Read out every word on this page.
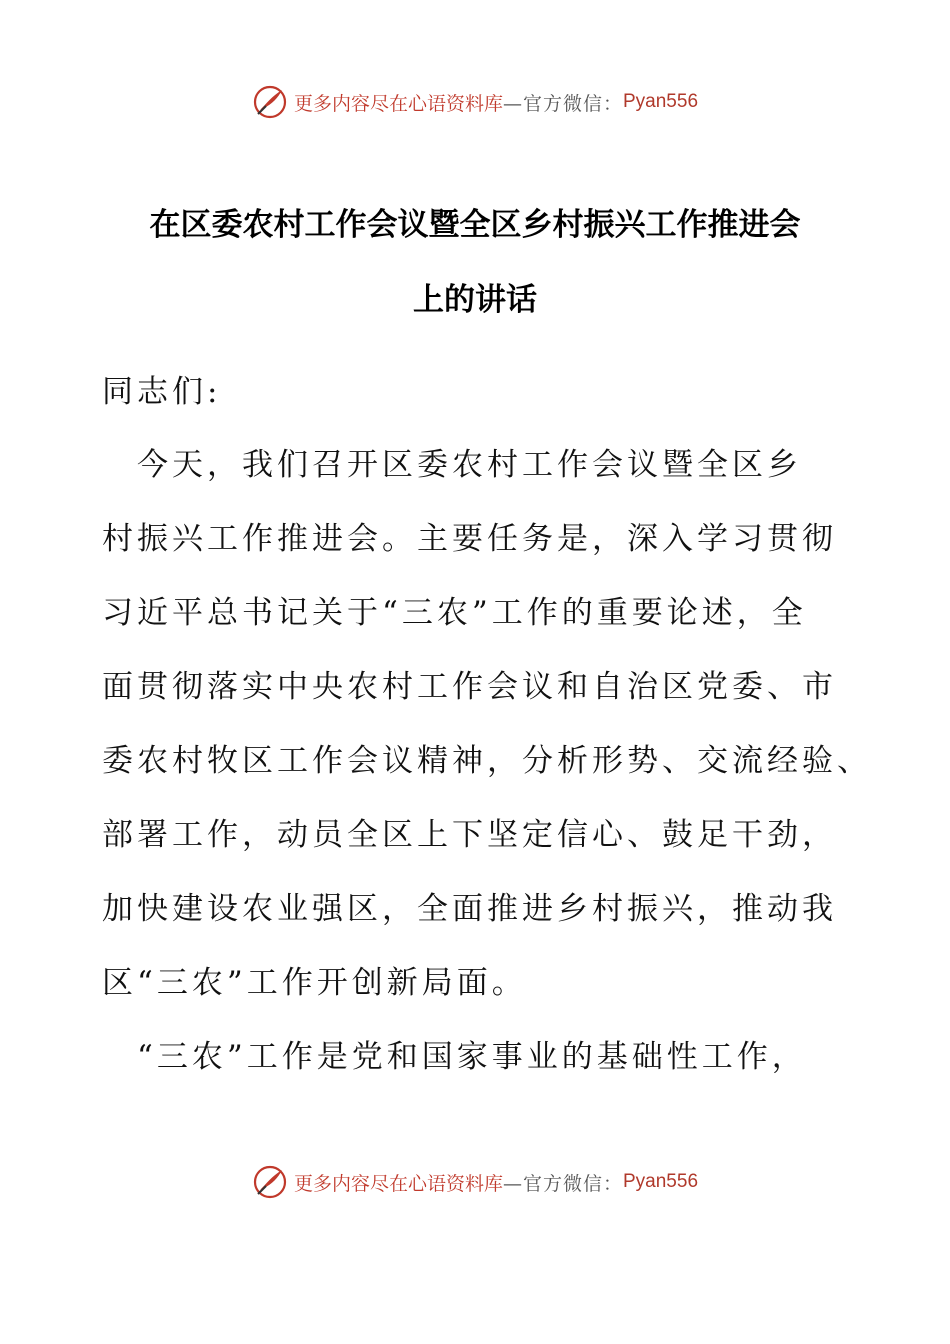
更多内容尽在心语资料库 —官方微信： Pyan556
在区委农村工作会议暨全区乡村振兴工作推进会
上的讲话
同志们:
　今天，我们召开区委农村工作会议暨全区乡
村振兴工作推进会。主要任务是，深入学习贯彻
习近平总书记关于“三农”工作的重要论述，全
面贯彻落实中央农村工作会议和自治区党委、市
委农村牧区工作会议精神，分析形势、交流经验、
部署工作，动员全区上下坚定信心、鼓足干劲，
加快建设农业强区，全面推进乡村振兴，推动我
区“三农”工作开创新局面。
　“三农”工作是党和国家事业的基础性工作，
更多内容尽在心语资料库 —官方微信： Pyan556
